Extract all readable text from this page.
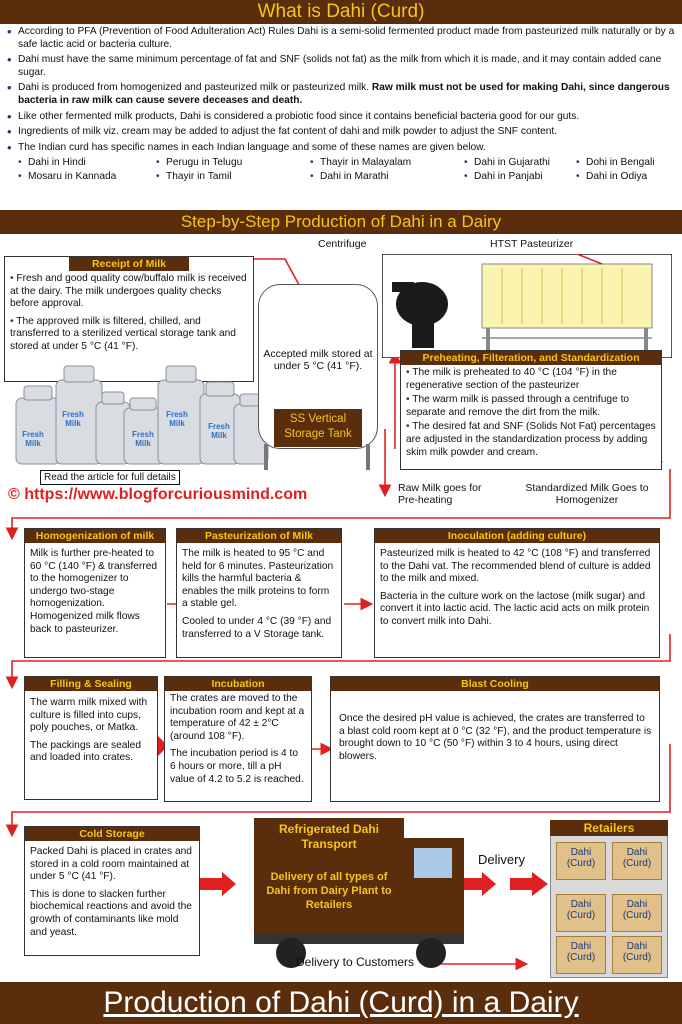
What is Dahi (Curd)
• According to PFA (Prevention of Food Adulteration Act) Rules Dahi is a semi-solid fermented product made from pasteurized milk naturally or by a safe lactic acid or bacteria culture.
• Dahi must have the same minimum percentage of fat and SNF (solids not fat) as the milk from which it is made, and it may contain added cane sugar.
• Dahi is produced from homogenized and pasteurized milk or pasteurized milk. Raw milk must not be used for making Dahi, since dangerous bacteria in raw milk can cause severe deceases and death.
• Like other fermented milk products, Dahi is considered a probiotic food since it contains beneficial bacteria good for our guts.
• Ingredients of milk viz. cream may be added to adjust the fat content of dahi and milk powder to adjust the SNF content.
• The Indian curd has specific names in each Indian language and some of these names are given below.
• Dahi in Hindi	• Perugu in Telugu	• Thayir in Malayalam	• Dahi in Gujarathi	• Dohi in Bengali
• Mosaru in Kannada	• Thayir in Tamil	• Dahi in Marathi	• Dahi in Panjabi	• Dahi in Odiya
Step-by-Step Production of Dahi in a Dairy
Receipt of Milk

• Fresh and good quality cow/buffalo milk is received at the dairy. The milk undergoes quality checks before approval.

• The approved milk is filtered, chilled, and transferred to a sterilized vertical storage tank and stored at under 5 °C (41 °F).

Fresh Milk
Fresh Milk
Fresh Milk
Fresh Milk	Fresh Milk
Read the article for full details
© https://www.blogforcuriousmind.com
Accepted milk stored at under 5 °C (41 °F).
SS Vertical Storage Tank
Centrifuge	HTST Pasteurizer
Preheating, Filteration, and Standardization

• The milk is preheated to 40 °C (104 °F) in the regenerative section of the pasteurizer

• The warm milk is passed through a centrifuge to separate and remove the dirt from the milk.

• The desired fat and SNF (Solids Not Fat) percentages are adjusted in the standardization process by adding skim milk powder and cream.

Raw Milk goes for Pre-heating
Standardized Milk Goes to Homogenizer
Homogenization of milk
Milk is further pre-heated to 60 °C (140 °F) & transferred to the homogenizer to undergo two-stage homogenization. Homogenized milk flows back to pasteurizer.
Pasteurization of Milk

The milk is heated to 95 °C and held for 6 minutes. Pasteurization kills the harmful bacteria & enables the milk proteins to form a stable gel.

Cooled to under 4 °C (39 °F) and transferred to a V Storage tank.

Inoculation (adding culture)

Pasteurized milk is heated to 42 °C (108 °F) and transferred to the Dahi vat. The recommended blend of culture is added to the milk and mixed.

Bacteria in the culture work on the lactose (milk sugar) and convert it into lactic acid. The lactic acid acts on milk protein to convert milk into Dahi.

Filling & Sealing

The warm milk mixed with culture is filled into cups, poly pouches, or Matka.

The packings are sealed and loaded into crates.

Incubation

The crates are moved to the incubation room and kept at a temperature of 42 ± 2°C (around 108 °F).

The incubation period is 4 to 6 hours or more, till a pH value of 4.2 to 5.2 is reached.

Blast Cooling
Once the desired pH value is achieved, the crates are transferred to a blast cold room kept at 0 °C (32 °F), and the product temperature is brought down to 10 °C (50 °F) within 3 to 4 hours, using direct blowers.
Cold Storage

Packed Dahi is placed in crates and stored in a cold room maintained at under 5 °C (41 °F).

This is done to slacken further biochemical reactions and avoid the growth of contaminants like mold and yeast.

Refrigerated Dahi Transport
Delivery of all types of Dahi from Dairy Plant to Retailers
Delivery
Delivery to Customers
Retailers
Dahi (Curd)
Dahi (Curd)
Dahi (Curd)
Dahi (Curd)
Dahi (Curd)
Dahi (Curd)
Production of Dahi (Curd) in a Dairy
